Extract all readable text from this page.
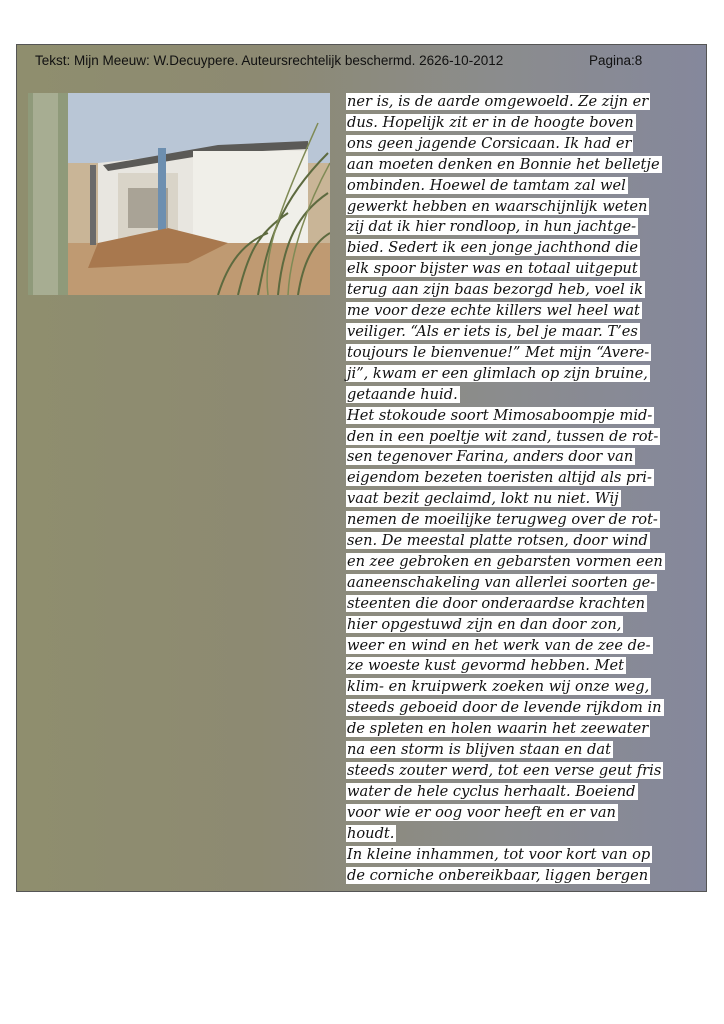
Tekst: Mijn Meeuw: W.Decuypere. Auteursrechtelijk beschermd. 2626-10-2012	Pagina:8
ner is, is de aarde omgewoeld. Ze zijn er
dus. Hopelijk zit er in de hoogte boven
ons geen jagende Corsicaan. Ik had er
aan moeten denken en Bonnie het belletje
ombinden. Hoewel de tamtam zal wel
gewerkt hebben en waarschijnlijk weten
zij dat ik hier rondloop, in hun jachtge-
bied. Sedert ik een jonge jachthond die
elk spoor bijster was en totaal uitgeput
terug aan zijn baas bezorgd heb, voel ik
me voor deze echte killers wel heel wat
veiliger. “Als er iets is, bel je maar. T’es
toujours le bienvenue!” Met mijn “Avere-
ji”, kwam er een glimlach op zijn bruine,
getaande huid.
Het stokoude soort Mimosaboompje mid-
den in een poeltje wit zand, tussen de rot-
sen tegenover Farina, anders door van
eigendom bezeten toeristen altijd als pri-
vaat bezit geclaimd, lokt nu niet. Wij
nemen de moeilijke terugweg over de rot-
sen. De meestal platte rotsen, door wind
en zee gebroken en gebarsten vormen een
aaneenschakeling van allerlei soorten ge-
steenten die door onderaardse krachten
hier opgestuwd zijn en dan door zon,
weer en wind en het werk van de zee de-
ze woeste kust gevormd hebben. Met
klim- en kruipwerk zoeken wij onze weg,
steeds geboeid door de levende rijkdom in
de spleten en holen waarin het zeewater
na een storm is blijven staan en dat
steeds zouter werd, tot een verse geut fris
water de hele cyclus herhaalt. Boeiend
voor wie er oog voor heeft en er van
houdt.
In kleine inhammen, tot voor kort van op
de corniche onbereikbaar, liggen bergen
